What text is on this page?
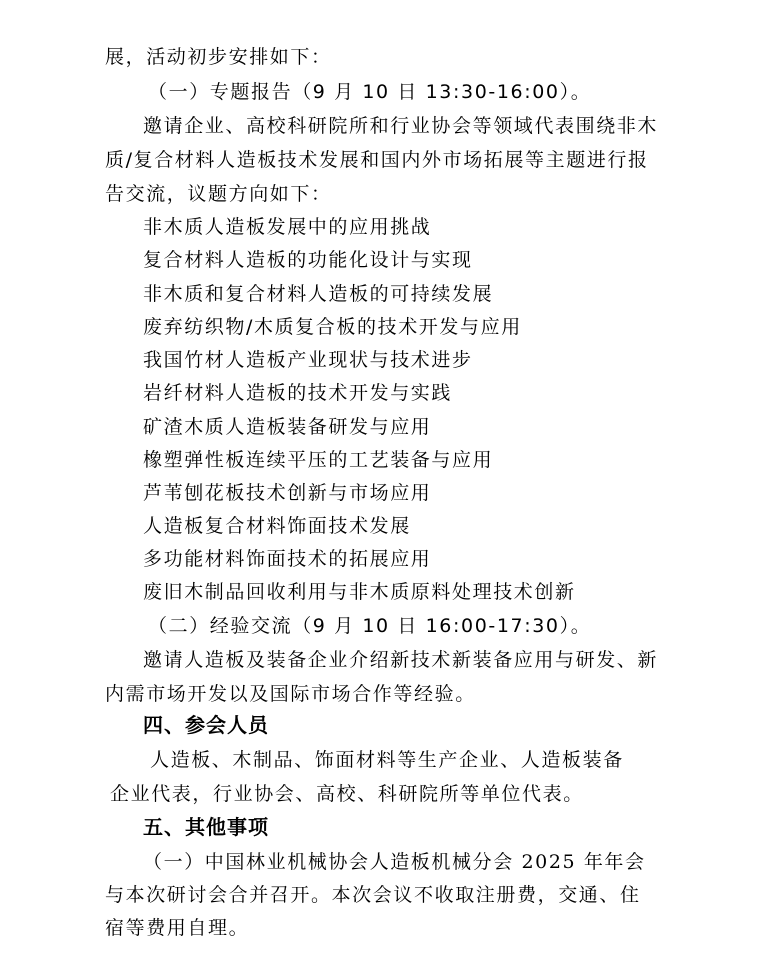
展，活动初步安排如下：
（一）专题报告（9 月 10 日 13:30-16:00）。
邀请企业、高校科研院所和行业协会等领域代表围绕非木
质/复合材料人造板技术发展和国内外市场拓展等主题进行报
告交流，议题方向如下：
非木质人造板发展中的应用挑战
复合材料人造板的功能化设计与实现
非木质和复合材料人造板的可持续发展
废弃纺织物/木质复合板的技术开发与应用
我国竹材人造板产业现状与技术进步
岩纤材料人造板的技术开发与实践
矿渣木质人造板装备研发与应用
橡塑弹性板连续平压的工艺装备与应用
芦苇刨花板技术创新与市场应用
人造板复合材料饰面技术发展
多功能材料饰面技术的拓展应用
废旧木制品回收利用与非木质原料处理技术创新
（二）经验交流（9 月 10 日 16:00-17:30）。
邀请人造板及装备企业介绍新技术新装备应用与研发、新
内需市场开发以及国际市场合作等经验。
四、参会人员
人造板、木制品、饰面材料等生产企业、人造板装备
企业代表，行业协会、高校、科研院所等单位代表。
五、其他事项
（一）中国林业机械协会人造板机械分会 2025 年年会
与本次研讨会合并召开。本次会议不收取注册费，交通、住
宿等费用自理。
